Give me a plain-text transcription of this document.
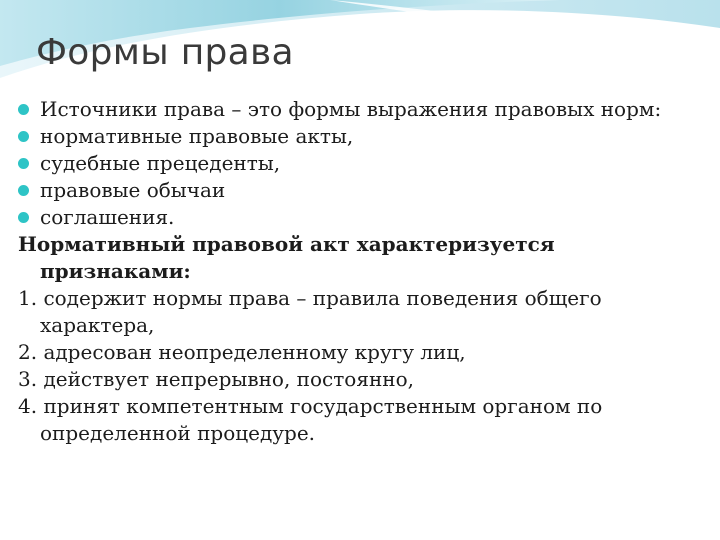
Формы права
Источники права – это формы выражения правовых норм:
нормативные правовые акты,
судебные прецеденты,
правовые обычаи
соглашения.
Нормативный правовой акт характеризуется
признаками:
1. содержит нормы права – правила поведения общего
характера,
2. адресован неопределенному кругу лиц,
3. действует непрерывно, постоянно,
4. принят компетентным государственным органом по
определенной процедуре.
